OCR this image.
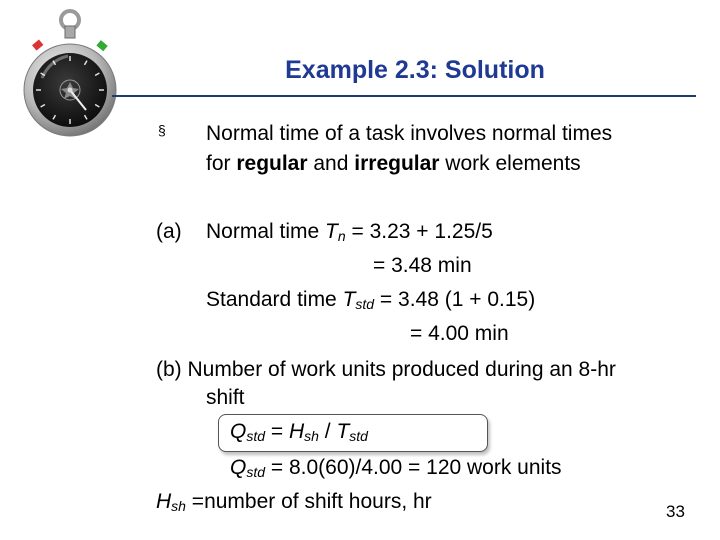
Example 2.3: Solution
§ Normal time of a task involves normal times
for regular and irregular work elements
(a) Normal time $T_n = 3.23 + 1.25/5$
= 3.48 min
Standard time $T_{std} = 3.48$ (1 + 0.15)
= 4.00 min
(b) Number of work units produced during an 8-hr
shift
$Q_{std} = H_{sh} / T_{std}$
$Q_{std} = 8.0(60)/4.00 = 120$ work units
$H_{sh}$ =number of shift hours, hr	33
